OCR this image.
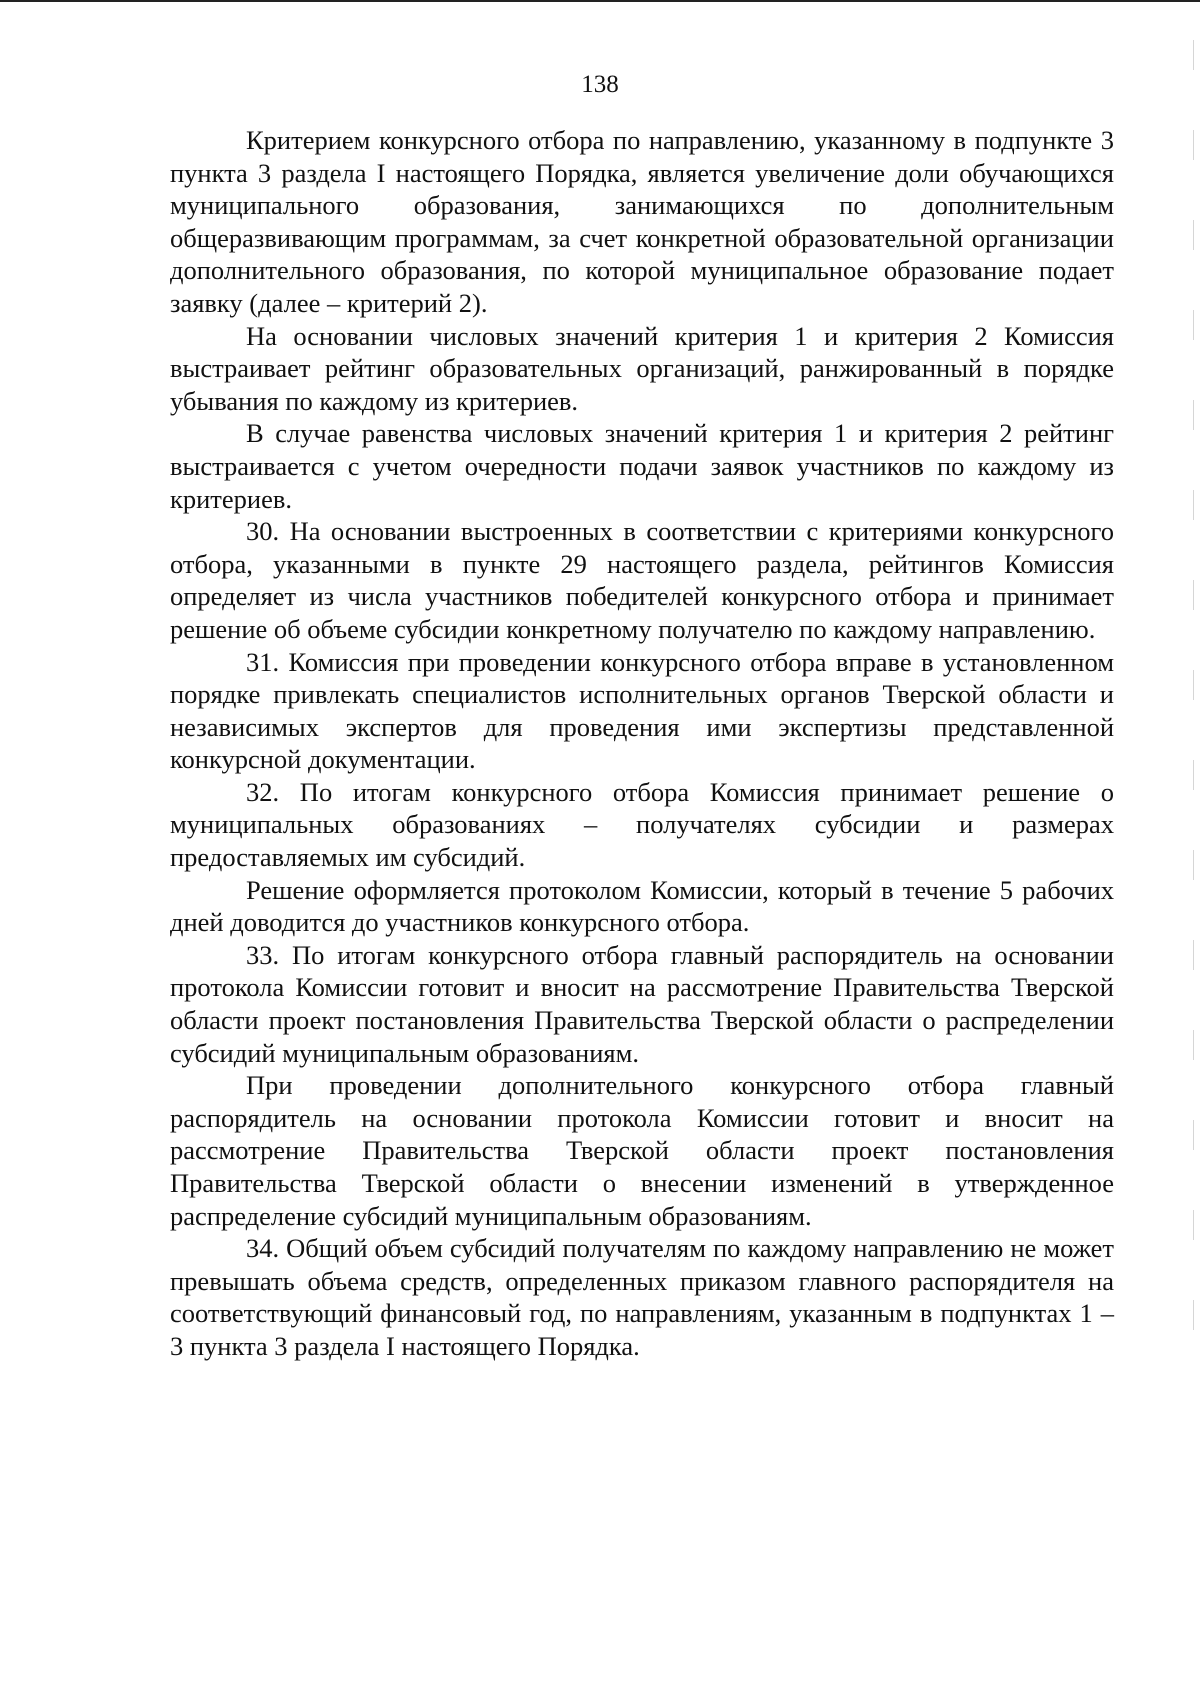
138

Критерием конкурсного отбора по направлению, указанному в подпункте 3 пункта 3 раздела I настоящего Порядка, является увеличение доли обучающихся муниципального образования, занимающихся по дополнительным общеразвивающим программам, за счет конкретной образовательной организации дополнительного образования, по которой муниципальное образование подает заявку (далее – критерий 2).

На основании числовых значений критерия 1 и критерия 2 Комиссия выстраивает рейтинг образовательных организаций, ранжированный в порядке убывания по каждому из критериев.

В случае равенства числовых значений критерия 1 и критерия 2 рейтинг выстраивается с учетом очередности подачи заявок участников по каждому из критериев.

30. На основании выстроенных в соответствии с критериями конкурсного отбора, указанными в пункте 29 настоящего раздела, рейтингов Комиссия определяет из числа участников победителей конкурсного отбора и принимает решение об объеме субсидии конкретному получателю по каждому направлению.

31. Комиссия при проведении конкурсного отбора вправе в установленном порядке привлекать специалистов исполнительных органов Тверской области и независимых экспертов для проведения ими экспертизы представленной конкурсной документации.

32. По итогам конкурсного отбора Комиссия принимает решение о муниципальных образованиях – получателях субсидии и размерах предоставляемых им субсидий.

Решение оформляется протоколом Комиссии, который в течение 5 рабочих дней доводится до участников конкурсного отбора.

33. По итогам конкурсного отбора главный распорядитель на основании протокола Комиссии готовит и вносит на рассмотрение Правительства Тверской области проект постановления Правительства Тверской области о распределении субсидий муниципальным образованиям.

При проведении дополнительного конкурсного отбора главный распорядитель на основании протокола Комиссии готовит и вносит на рассмотрение Правительства Тверской области проект постановления Правительства Тверской области о внесении изменений в утвержденное распределение субсидий муниципальным образованиям.

34. Общий объем субсидий получателям по каждому направлению не может превышать объема средств, определенных приказом главного распорядителя на соответствующий финансовый год, по направлениям, указанным в подпунктах 1 – 3 пункта 3 раздела I настоящего Порядка.
